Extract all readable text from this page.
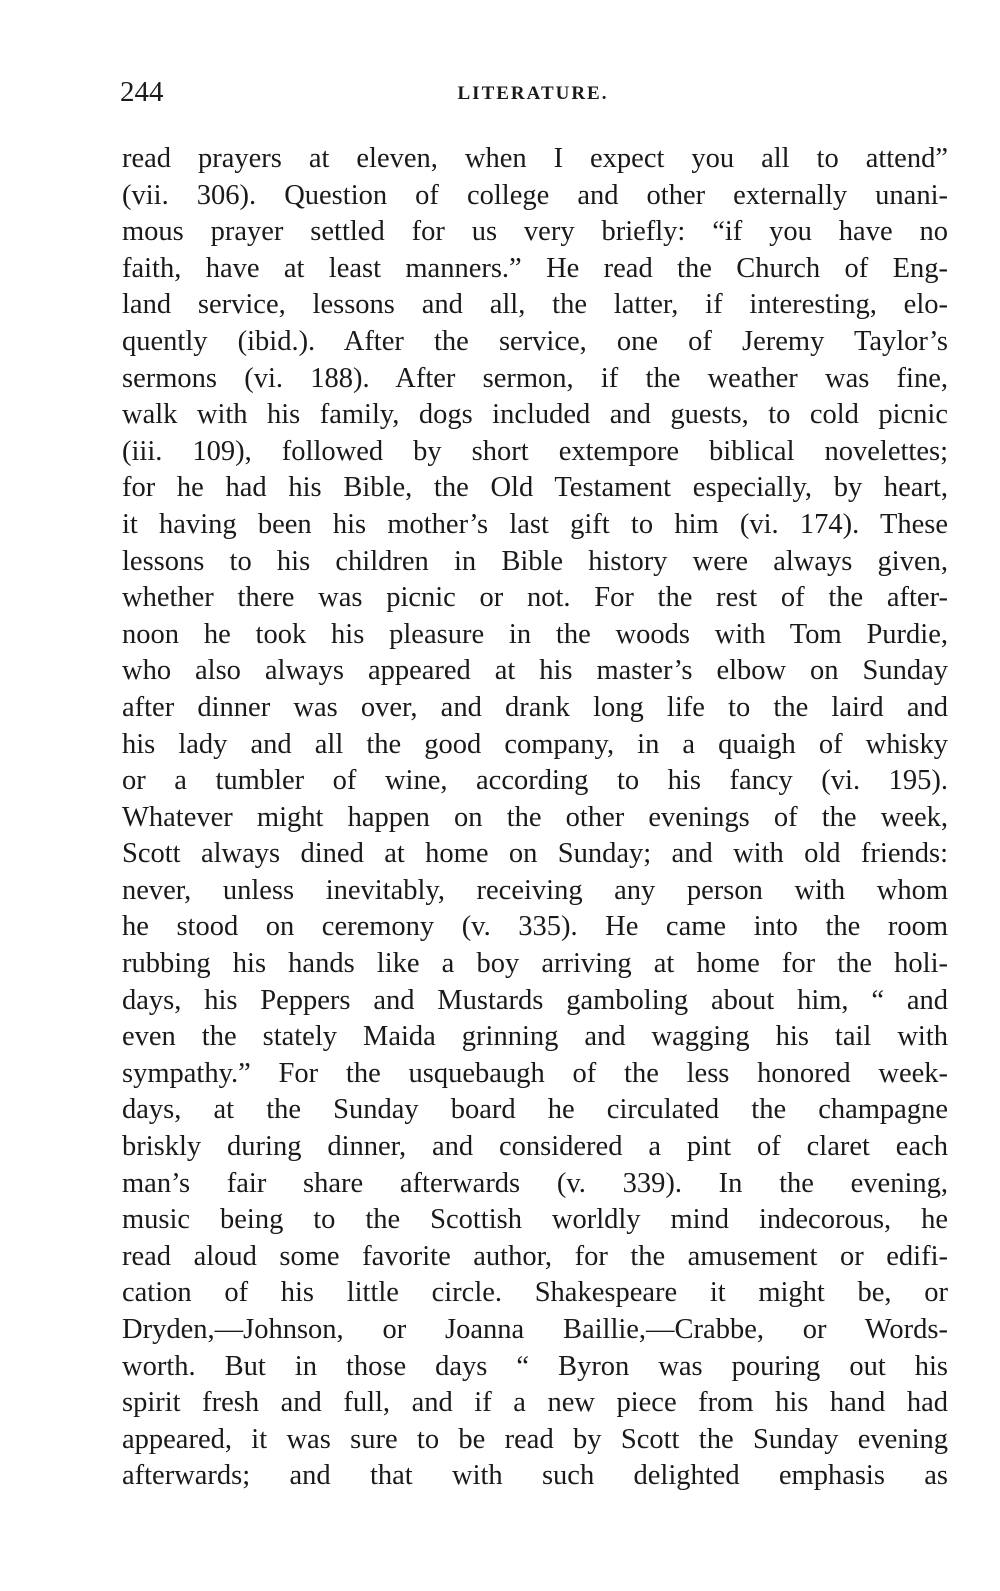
244	LITERATURE.
read prayers at eleven, when I expect you all to attend”
(vii. 306). Question of college and other externally unani-
mous prayer settled for us very briefly: “if you have no
faith, have at least manners.” He read the Church of Eng-
land service, lessons and all, the latter, if interesting, elo-
quently (ibid.). After the service, one of Jeremy Taylor’s
sermons (vi. 188). After sermon, if the weather was fine,
walk with his family, dogs included and guests, to cold picnic
(iii. 109), followed by short extempore biblical novelettes;
for he had his Bible, the Old Testament especially, by heart,
it having been his mother’s last gift to him (vi. 174). These
lessons to his children in Bible history were always given,
whether there was picnic or not. For the rest of the after-
noon he took his pleasure in the woods with Tom Purdie,
who also always appeared at his master’s elbow on Sunday
after dinner was over, and drank long life to the laird and
his lady and all the good company, in a quaigh of whisky
or a tumbler of wine, according to his fancy (vi. 195).
Whatever might happen on the other evenings of the week,
Scott always dined at home on Sunday; and with old friends:
never, unless inevitably, receiving any person with whom
he stood on ceremony (v. 335). He came into the room
rubbing his hands like a boy arriving at home for the holi-
days, his Peppers and Mustards gamboling about him, “ and
even the stately Maida grinning and wagging his tail with
sympathy.” For the usquebaugh of the less honored week-
days, at the Sunday board he circulated the champagne
briskly during dinner, and considered a pint of claret each
man’s fair share afterwards (v. 339). In the evening,
music being to the Scottish worldly mind indecorous, he
read aloud some favorite author, for the amusement or edifi-
cation of his little circle. Shakespeare it might be, or
Dryden,—Johnson, or Joanna Baillie,—Crabbe, or Words-
worth. But in those days “ Byron was pouring out his
spirit fresh and full, and if a new piece from his hand had
appeared, it was sure to be read by Scott the Sunday evening
afterwards; and that with such delighted emphasis as
